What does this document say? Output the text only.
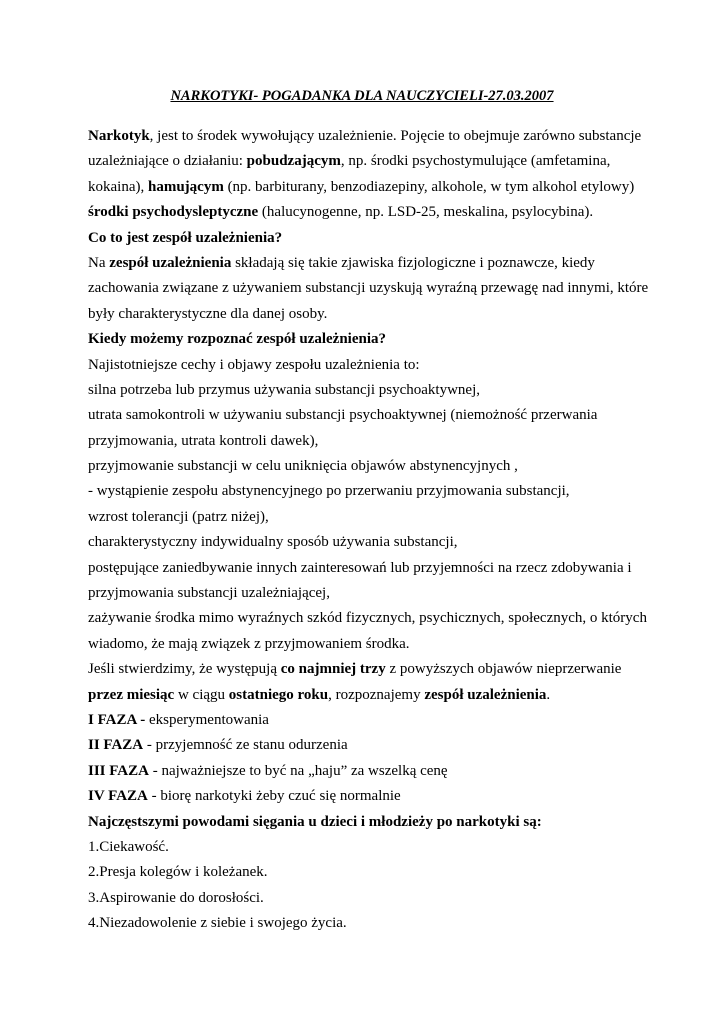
NARKOTYKI- POGADANKA DLA NAUCZYCIELI-27.03.2007
Narkotyk, jest to środek wywołujący uzależnienie. Pojęcie to obejmuje zarówno substancje
uzależniające o działaniu: pobudzającym, np. środki psychostymulujące (amfetamina,
kokaina), hamującym (np. barbiturany, benzodiazepiny, alkohole, w tym alkohol etylowy)
środki psychodysleptyczne (halucynogenne, np. LSD-25, meskalina, psylocybina).
Co to jest zespół uzależnienia?
Na zespół uzależnienia składają się takie zjawiska fizjologiczne i poznawcze, kiedy
zachowania związane z używaniem substancji uzyskują wyraźną przewagę nad innymi, które
były charakterystyczne dla danej osoby.
Kiedy możemy rozpoznać zespół uzależnienia?
Najistotniejsze cechy i objawy zespołu uzależnienia to:
silna potrzeba lub przymus używania substancji psychoaktywnej,
utrata samokontroli w używaniu substancji psychoaktywnej (niemożność przerwania
przyjmowania, utrata kontroli dawek),
przyjmowanie substancji w celu uniknięcia objawów abstynencyjnych ,
- wystąpienie zespołu abstynencyjnego po przerwaniu przyjmowania substancji,
wzrost tolerancji (patrz niżej),
charakterystyczny indywidualny sposób używania substancji,
postępujące zaniedbywanie innych zainteresowań lub przyjemności na rzecz zdobywania i
przyjmowania substancji uzależniającej,
zażywanie środka mimo wyraźnych szkód fizycznych, psychicznych, społecznych, o których
wiadomo, że mają związek z przyjmowaniem środka.
Jeśli stwierdzimy, że występują co najmniej trzy z powyższych objawów nieprzerwanie
przez miesiąc w ciągu ostatniego roku, rozpoznajemy zespół uzależnienia.
I FAZA - eksperymentowania
II FAZA - przyjemność ze stanu odurzenia
III FAZA - najważniejsze to być na „haju” za wszelką cenę
IV FAZA - biorę narkotyki żeby czuć się normalnie
Najczęstszymi powodami sięgania u dzieci i młodzieży po narkotyki są:
1.Ciekawość.
2.Presja kolegów i koleżanek.
3.Aspirowanie do dorosłości.
4.Niezadowolenie z siebie i swojego życia.
